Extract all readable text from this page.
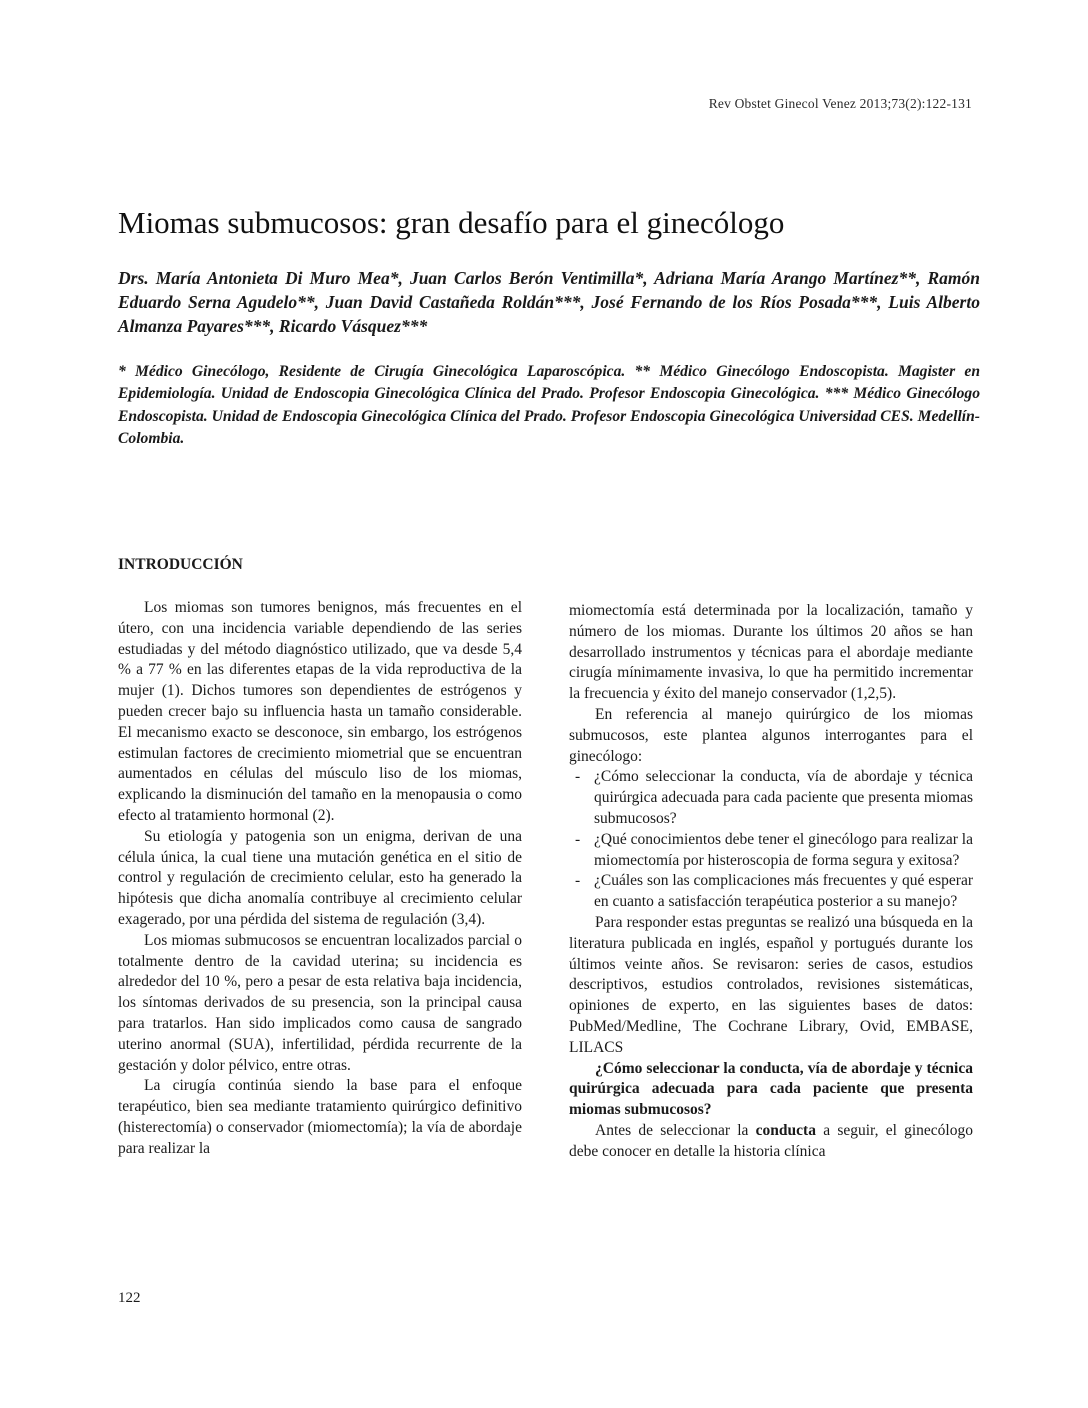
Rev Obstet Ginecol Venez 2013;73(2):122-131
Miomas submucosos: gran desafío para el ginecólogo

Drs. María Antonieta Di Muro Mea*, Juan Carlos Berón Ventimilla*, Adriana María Arango Martínez**, Ramón Eduardo Serna Agudelo**, Juan David Castañeda Roldán***, José Fernando de los Ríos Posada***, Luis Alberto Almanza Payares***, Ricardo Vásquez***

* Médico Ginecólogo, Residente de Cirugía Ginecológica Laparoscópica. ** Médico Ginecólogo Endoscopista. Magister en Epidemiología. Unidad de Endoscopia Ginecológica Clínica del Prado. Profesor Endoscopia Ginecológica. *** Médico Ginecólogo Endoscopista. Unidad de Endoscopia Ginecológica Clínica del Prado. Profesor Endoscopia Ginecológica Universidad CES. Medellín-Colombia.

INTRODUCCIÓN

Los miomas son tumores benignos, más frecuentes en el útero, con una incidencia variable dependiendo de las series estudiadas y del método diagnóstico utilizado, que va desde 5,4 % a 77 % en las diferentes etapas de la vida reproductiva de la mujer (1). Dichos tumores son dependientes de estrógenos y pueden crecer bajo su influencia hasta un tamaño considerable. El mecanismo exacto se desconoce, sin embargo, los estrógenos estimulan factores de crecimiento miometrial que se encuentran aumentados en células del músculo liso de los miomas, explicando la disminución del tamaño en la menopausia o como efecto al tratamiento hormonal (2).

Su etiología y patogenia son un enigma, derivan de una célula única, la cual tiene una mutación genética en el sitio de control y regulación de crecimiento celular, esto ha generado la hipótesis que dicha anomalía contribuye al crecimiento celular exagerado, por una pérdida del sistema de regulación (3,4).

Los miomas submucosos se encuentran localizados parcial o totalmente dentro de la cavidad uterina; su incidencia es alrededor del 10 %, pero a pesar de esta relativa baja incidencia, los síntomas derivados de su presencia, son la principal causa para tratarlos. Han sido implicados como causa de sangrado uterino anormal (SUA), infertilidad, pérdida recurrente de la gestación y dolor pélvico, entre otras.

La cirugía continúa siendo la base para el enfoque terapéutico, bien sea mediante tratamiento quirúrgico definitivo (histerectomía) o conservador (miomectomía); la vía de abordaje para realizar la

miomectomía está determinada por la localización, tamaño y número de los miomas. Durante los últimos 20 años se han desarrollado instrumentos y técnicas para el abordaje mediante cirugía mínimamente invasiva, lo que ha permitido incrementar la frecuencia y éxito del manejo conservador (1,2,5).

En referencia al manejo quirúrgico de los miomas submucosos, este plantea algunos interrogantes para el ginecólogo:

- ¿Cómo seleccionar la conducta, vía de abordaje y técnica quirúrgica adecuada para cada paciente que presenta miomas submucosos?
- ¿Qué conocimientos debe tener el ginecólogo para realizar la miomectomía por histeroscopia de forma segura y exitosa?
- ¿Cuáles son las complicaciones más frecuentes y qué esperar en cuanto a satisfacción terapéutica posterior a su manejo?

Para responder estas preguntas se realizó una búsqueda en la literatura publicada en inglés, español y portugués durante los últimos veinte años. Se revisaron: series de casos, estudios descriptivos, estudios controlados, revisiones sistemáticas, opiniones de experto, en las siguientes bases de datos: PubMed/Medline, The Cochrane Library, Ovid, EMBASE, LILACS

¿Cómo seleccionar la conducta, vía de abordaje y técnica quirúrgica adecuada para cada paciente que presenta miomas submucosos?

Antes de seleccionar la conducta a seguir, el ginecólogo debe conocer en detalle la historia clínica

122
